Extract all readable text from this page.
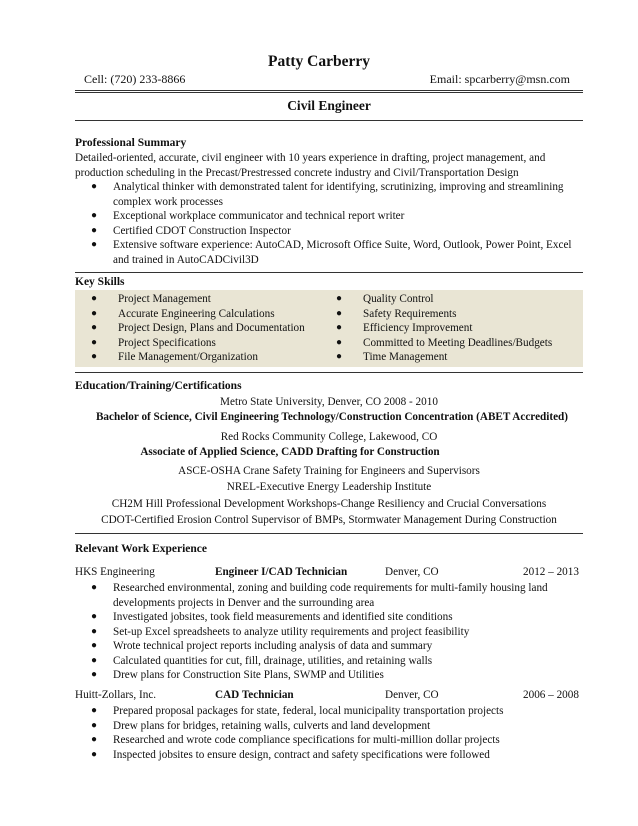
Patty Carberry
Cell: (720) 233-8866	Email: spcarberry@msn.com
Civil Engineer
Professional Summary
Detailed-oriented, accurate, civil engineer with 10 years experience in drafting, project management, and production scheduling in the Precast/Prestressed concrete industry and Civil/Transportation Design
● Analytical thinker with demonstrated talent for identifying, scrutinizing, improving and streamlining complex work processes
● Exceptional workplace communicator and technical report writer
● Certified CDOT Construction Inspector
● Extensive software experience: AutoCAD, Microsoft Office Suite, Word, Outlook, Power Point, Excel and trained in AutoCADCivil3D
Key Skills
● Project Management
● Accurate Engineering Calculations
● Project Design, Plans and Documentation
● Project Specifications
● File Management/Organization
● Quality Control
● Safety Requirements
● Efficiency Improvement
● Committed to Meeting Deadlines/Budgets
● Time Management
Education/Training/Certifications
Metro State University, Denver, CO 2008 - 2010
Bachelor of Science, Civil Engineering Technology/Construction Concentration (ABET Accredited)
Red Rocks Community College, Lakewood, CO
Associate of Applied Science, CADD Drafting for Construction
ASCE-OSHA Crane Safety Training for Engineers and Supervisors
NREL-Executive Energy Leadership Institute
CH2M Hill Professional Development Workshops-Change Resiliency and Crucial Conversations
CDOT-Certified Erosion Control Supervisor of BMPs, Stormwater Management During Construction
Relevant Work Experience
HKS Engineering	Engineer I/CAD Technician	Denver, CO	2012 – 2013
● Researched environmental, zoning and building code requirements for multi-family housing land developments projects in Denver and the surrounding area
● Investigated jobsites, took field measurements and identified site conditions
● Set-up Excel spreadsheets to analyze utility requirements and project feasibility
● Wrote technical project reports including analysis of data and summary
● Calculated quantities for cut, fill, drainage, utilities, and retaining walls
● Drew plans for Construction Site Plans, SWMP and Utilities
Huitt-Zollars, Inc.	CAD Technician	Denver, CO	2006 – 2008
● Prepared proposal packages for state, federal, local municipality transportation projects
● Drew plans for bridges, retaining walls, culverts and land development
● Researched and wrote code compliance specifications for multi-million dollar projects
● Inspected jobsites to ensure design, contract and safety specifications were followed
